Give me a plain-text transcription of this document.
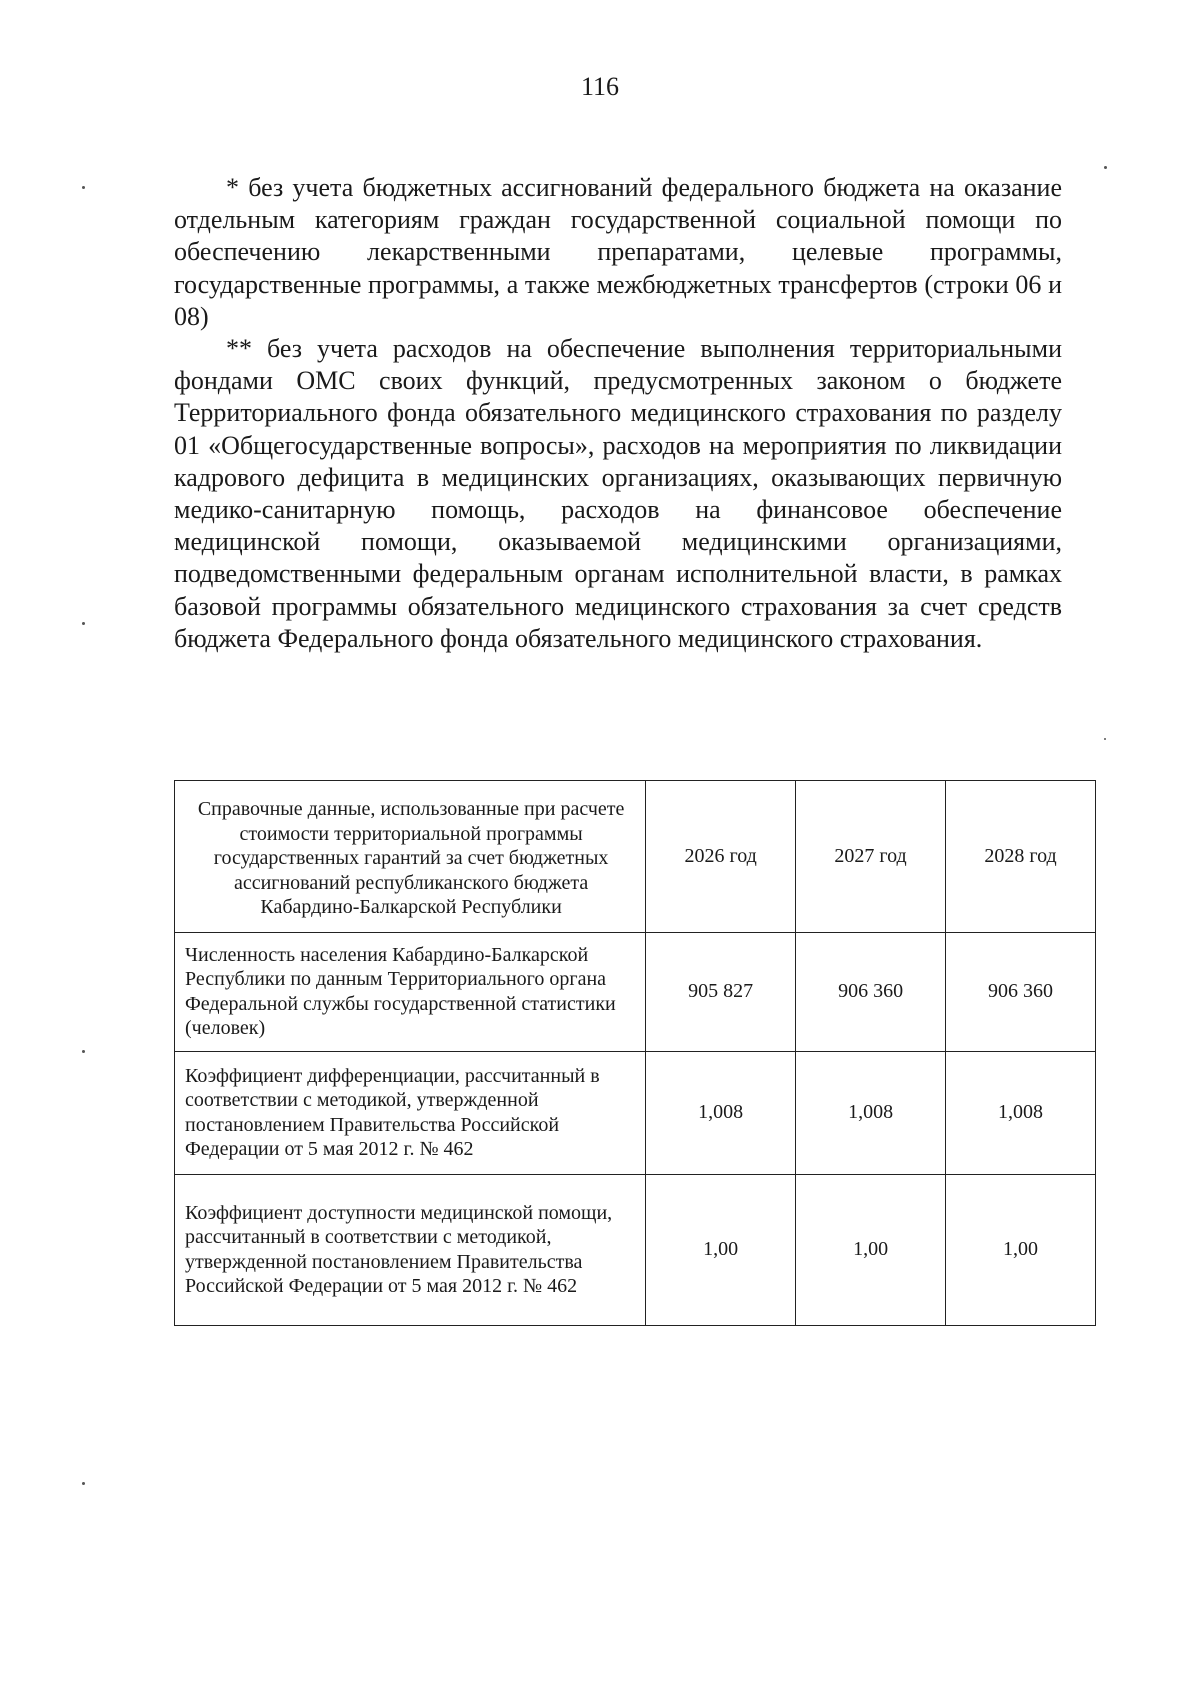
116

* без учета бюджетных ассигнований федерального бюджета на оказание отдельным категориям граждан государственной социальной помощи по обеспечению лекарственными препаратами, целевые программы, государственные программы, а также межбюджетных трансфертов (строки 06 и 08)

** без учета расходов на обеспечение выполнения территориальными фондами ОМС своих функций, предусмотренных законом о бюджете Территориального фонда обязательного медицинского страхования по разделу 01 «Общегосударственные вопросы», расходов на мероприятия по ликвидации кадрового дефицита в медицинских организациях, оказывающих первичную медико-санитарную помощь, расходов на финансовое обеспечение медицинской помощи, оказываемой медицинскими организациями, подведомственными федеральным органам исполнительной власти, в рамках базовой программы обязательного медицинского страхования за счет средств бюджета Федерального фонда обязательного медицинского страхования.

Справочные данные, использованные при расчете стоимости территориальной программы государственных гарантий за счет бюджетных ассигнований республиканского бюджета Кабардино-Балкарской Республики	2026 год	2027 год	2028 год
Численность населения Кабардино-Балкарской Республики по данным Территориального органа Федеральной службы государственной статистики (человек)	905 827	906 360	906 360
Коэффициент дифференциации, рассчитанный в соответствии с методикой, утвержденной постановлением Правительства Российской Федерации от 5 мая 2012 г. № 462	1,008	1,008	1,008
Коэффициент доступности медицинской помощи, рассчитанный в соответствии с методикой, утвержденной постановлением Правительства Российской Федерации от 5 мая 2012 г. № 462	1,00	1,00	1,00
